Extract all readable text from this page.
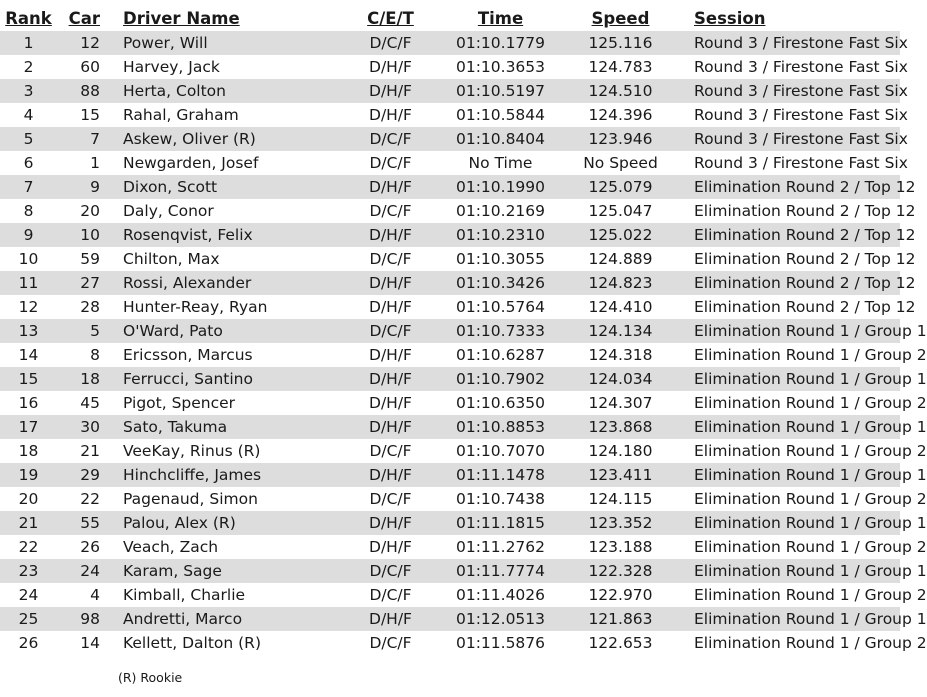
Rank	Car	Driver Name	C/E/T	Time	Speed	Session
1	12	Power, Will	D/C/F	01:10.1779	125.116	Round 3 / Firestone Fast Six
2	60	Harvey, Jack	D/H/F	01:10.3653	124.783	Round 3 / Firestone Fast Six
3	88	Herta, Colton	D/H/F	01:10.5197	124.510	Round 3 / Firestone Fast Six
4	15	Rahal, Graham	D/H/F	01:10.5844	124.396	Round 3 / Firestone Fast Six
5	7	Askew, Oliver (R)	D/C/F	01:10.8404	123.946	Round 3 / Firestone Fast Six
6	1	Newgarden, Josef	D/C/F	No Time	No Speed	Round 3 / Firestone Fast Six
7	9	Dixon, Scott	D/H/F	01:10.1990	125.079	Elimination Round 2 / Top 12
8	20	Daly, Conor	D/C/F	01:10.2169	125.047	Elimination Round 2 / Top 12
9	10	Rosenqvist, Felix	D/H/F	01:10.2310	125.022	Elimination Round 2 / Top 12
10	59	Chilton, Max	D/C/F	01:10.3055	124.889	Elimination Round 2 / Top 12
11	27	Rossi, Alexander	D/H/F	01:10.3426	124.823	Elimination Round 2 / Top 12
12	28	Hunter-Reay, Ryan	D/H/F	01:10.5764	124.410	Elimination Round 2 / Top 12
13	5	O'Ward, Pato	D/C/F	01:10.7333	124.134	Elimination Round 1 / Group 1
14	8	Ericsson, Marcus	D/H/F	01:10.6287	124.318	Elimination Round 1 / Group 2
15	18	Ferrucci, Santino	D/H/F	01:10.7902	124.034	Elimination Round 1 / Group 1
16	45	Pigot, Spencer	D/H/F	01:10.6350	124.307	Elimination Round 1 / Group 2
17	30	Sato, Takuma	D/H/F	01:10.8853	123.868	Elimination Round 1 / Group 1
18	21	VeeKay, Rinus (R)	D/C/F	01:10.7070	124.180	Elimination Round 1 / Group 2
19	29	Hinchcliffe, James	D/H/F	01:11.1478	123.411	Elimination Round 1 / Group 1
20	22	Pagenaud, Simon	D/C/F	01:10.7438	124.115	Elimination Round 1 / Group 2
21	55	Palou, Alex (R)	D/H/F	01:11.1815	123.352	Elimination Round 1 / Group 1
22	26	Veach, Zach	D/H/F	01:11.2762	123.188	Elimination Round 1 / Group 2
23	24	Karam, Sage	D/C/F	01:11.7774	122.328	Elimination Round 1 / Group 1
24	4	Kimball, Charlie	D/C/F	01:11.4026	122.970	Elimination Round 1 / Group 2
25	98	Andretti, Marco	D/H/F	01:12.0513	121.863	Elimination Round 1 / Group 1
26	14	Kellett, Dalton (R)	D/C/F	01:11.5876	122.653	Elimination Round 1 / Group 2
(R) Rookie
